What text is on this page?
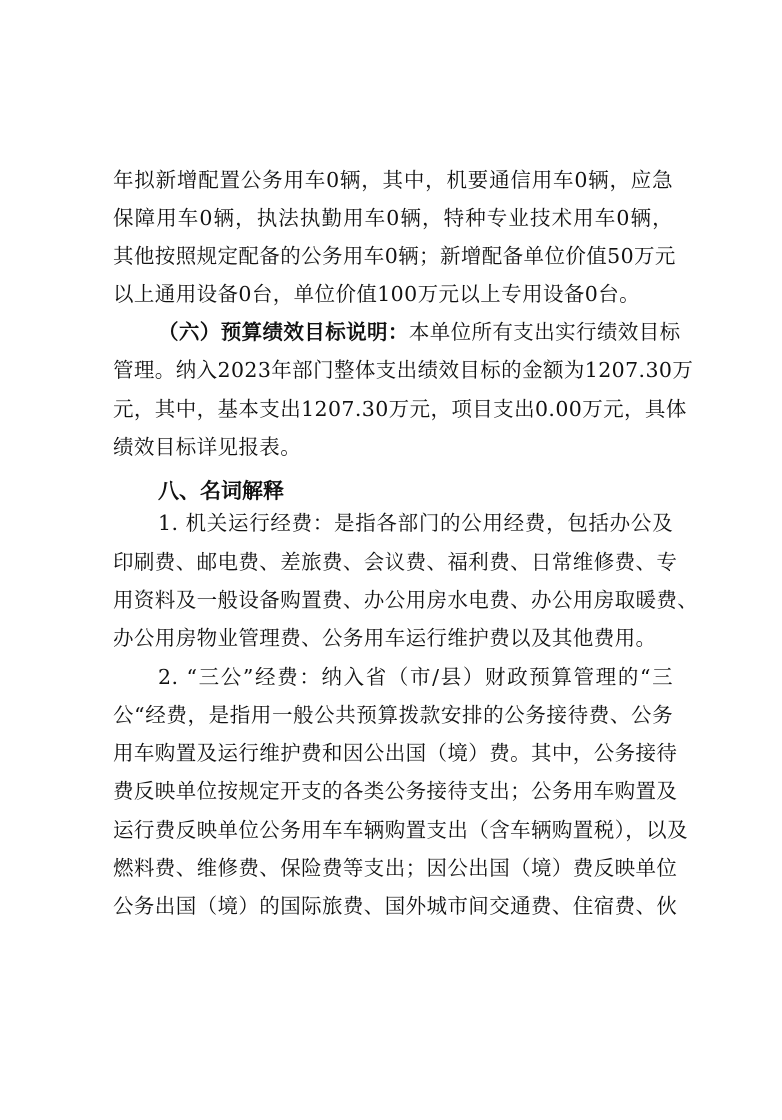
年拟新增配置公务用车0辆，其中，机要通信用车0辆，应急
保障用车0辆，执法执勤用车0辆，特种专业技术用车0辆，
其他按照规定配备的公务用车0辆；新增配备单位价值50万元
以上通用设备0台，单位价值100万元以上专用设备0台。
（六）预算绩效目标说明：本单位所有支出实行绩效目标
管理。纳入2023年部门整体支出绩效目标的金额为1207.30万
元，其中，基本支出1207.30万元，项目支出0.00万元，具体
绩效目标详见报表。
八、名词解释
1. 机关运行经费：是指各部门的公用经费，包括办公及
印刷费、邮电费、差旅费、会议费、福利费、日常维修费、专
用资料及一般设备购置费、办公用房水电费、办公用房取暖费、
办公用房物业管理费、公务用车运行维护费以及其他费用。
2. “三公”经费：纳入省（市/县）财政预算管理的“三
公“经费，是指用一般公共预算拨款安排的公务接待费、公务
用车购置及运行维护费和因公出国（境）费。其中，公务接待
费反映单位按规定开支的各类公务接待支出；公务用车购置及
运行费反映单位公务用车车辆购置支出（含车辆购置税），以及
燃料费、维修费、保险费等支出；因公出国（境）费反映单位
公务出国（境）的国际旅费、国外城市间交通费、住宿费、伙
